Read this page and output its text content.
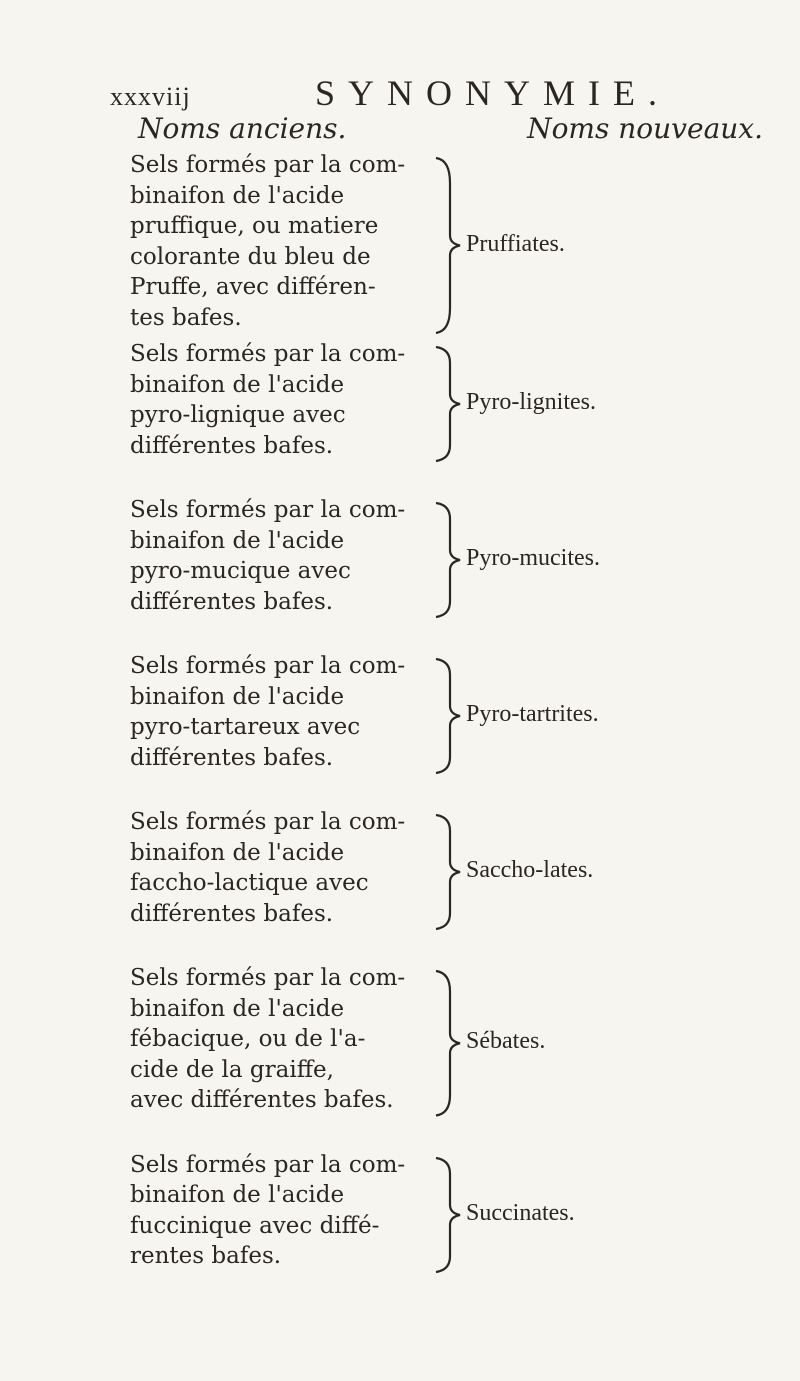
xxxviij	SYNONYMIE.
Noms anciens.	Noms nouveaux.
Sels formés par la com-
binaifon de l'acide
pruffique, ou matiere
colorante du bleu de
Pruffe, avec différen-
tes bafes.
Pruffiates.
Sels formés par la com-
binaifon de l'acide
pyro-lignique avec
différentes bafes.
Pyro-lignites.
Sels formés par la com-
binaifon de l'acide
pyro-mucique avec
différentes bafes.
Pyro-mucites.
Sels formés par la com-
binaifon de l'acide
pyro-tartareux avec
différentes bafes.
Pyro-tartrites.
Sels formés par la com-
binaifon de l'acide
faccho-lactique avec
différentes bafes.
Saccho-lates.
Sels formés par la com-
binaifon de l'acide
fébacique, ou de l'a-
cide de la graiffe,
avec différentes bafes.
Sébates.
Sels formés par la com-
binaifon de l'acide
fuccinique avec diffé-
rentes bafes.
Succinates.
